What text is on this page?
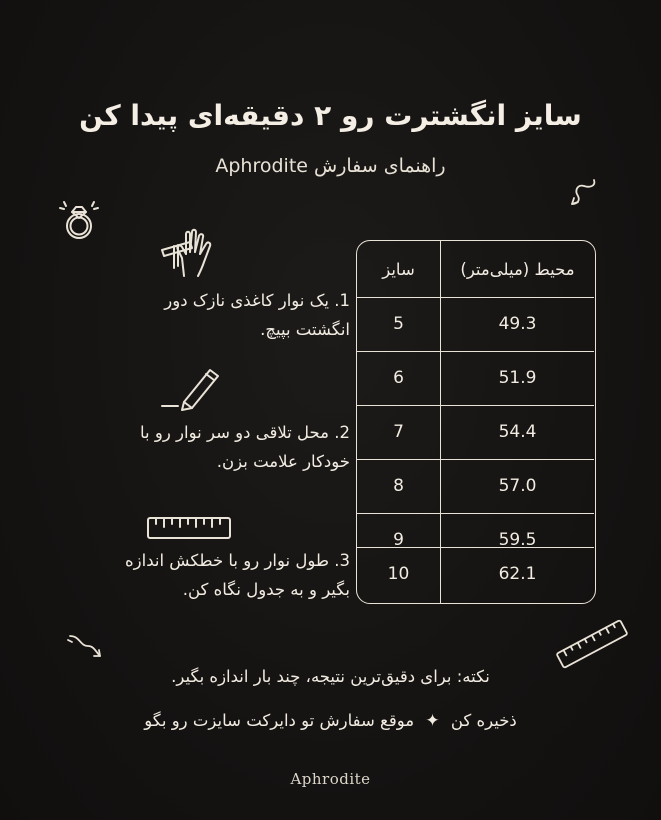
سایز انگشترت رو ۲ دقیقه‌ای پیدا کن
راهنمای سفارش Aphrodite
1. یک نوار کاغذی نازک دور
انگشتت بپیچ.
2. محل تلاقی دو سر نوار رو با
خودکار علامت بزن.
3. طول نوار رو با خطکش اندازه
بگیر و به جدول نگاه کن.
سایز	محیط (میلی‌متر)
5	49.3
6	51.9
7	54.4
8	57.0
9	59.5
10	62.1
نکته: برای دقیق‌ترین نتیجه، چند بار اندازه بگیر.
ذخیره کن ✦ موقع سفارش تو دایرکت سایزت رو بگو
Aphrodite
